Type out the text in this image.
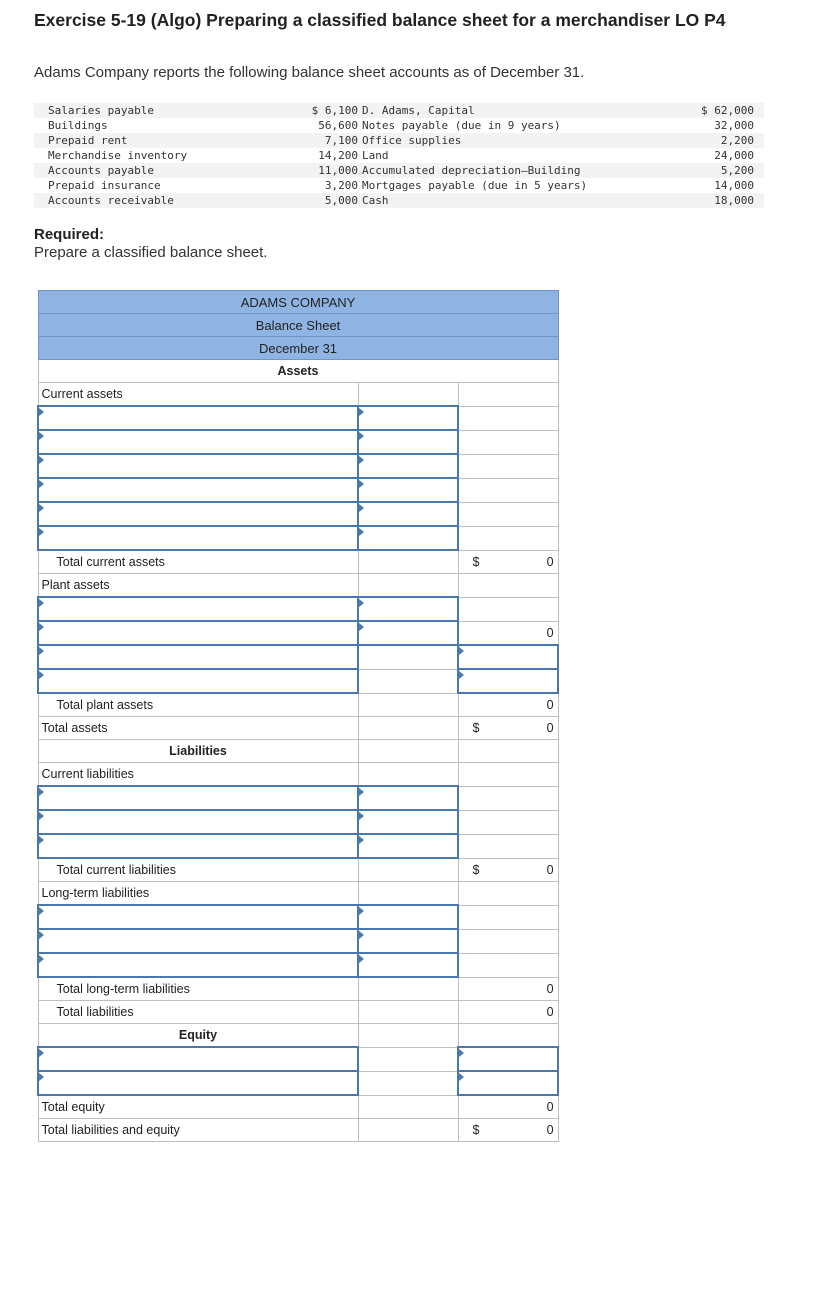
Exercise 5-19 (Algo) Preparing a classified balance sheet for a merchandiser LO P4
Adams Company reports the following balance sheet accounts as of December 31.
Salaries payable	$ 6,100	D. Adams, Capital	$ 62,000
Buildings	56,600	Notes payable (due in 9 years)	32,000
Prepaid rent	7,100	Office supplies	2,200
Merchandise inventory	14,200	Land	24,000
Accounts payable	11,000	Accumulated depreciation—Building	5,200
Prepaid insurance	3,200	Mortgages payable (due in 5 years)	14,000
Accounts receivable	5,000	Cash	18,000
Required:
Prepare a classified balance sheet.
ADAMS COMPANY		
Balance Sheet		
December 31		
Assets		
Current assets		

Total current assets		$ 0

Plant assets		

		0

Total plant assets		0
Total assets		$ 0

Liabilities		
Current liabilities		

Total current liabilities		$ 0

Long-term liabilities		

Total long-term liabilities		0
Total liabilities		0
Equity		

Total equity		0
Total liabilities and equity		$ 0
